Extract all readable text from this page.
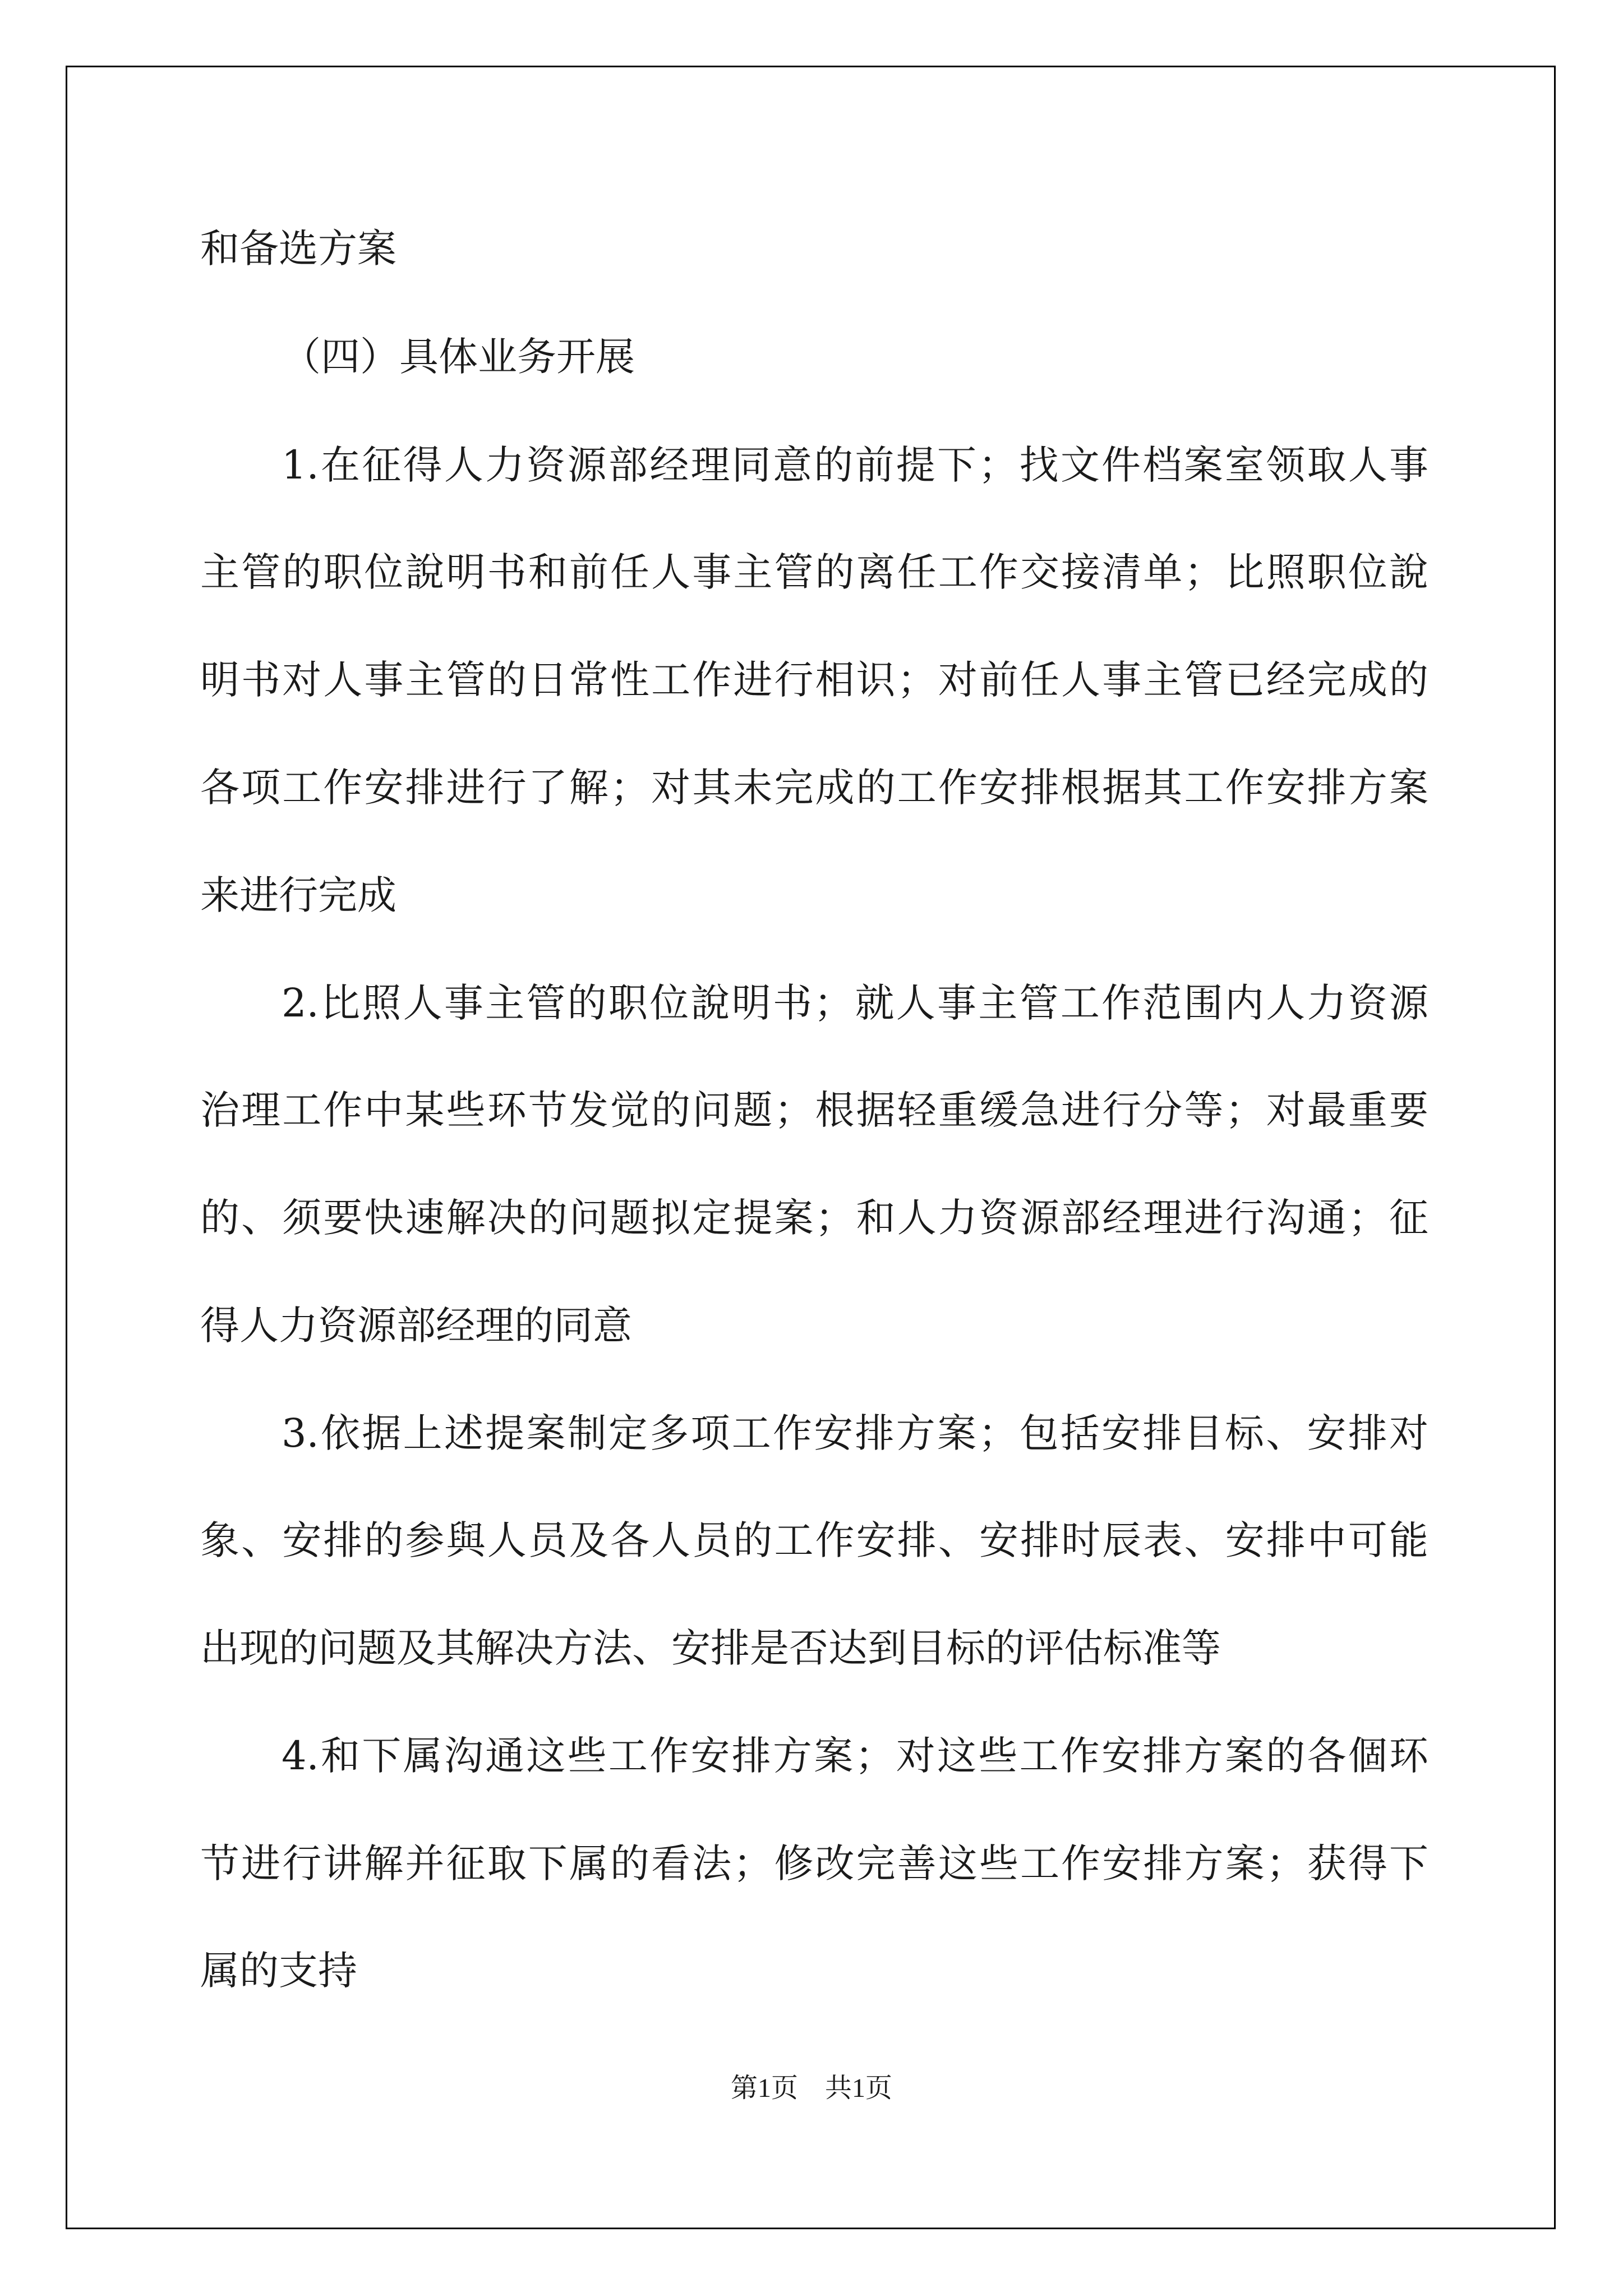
和备选方案

（四）具体业务开展

1.在征得人力资源部经理同意的前提下；找文件档案室领取人事

主管的职位說明书和前任人事主管的离任工作交接清单；比照职位說

明书对人事主管的日常性工作进行相识；对前任人事主管已经完成的

各项工作安排进行了解；对其未完成的工作安排根据其工作安排方案

来进行完成

2.比照人事主管的职位說明书；就人事主管工作范围内人力资源

治理工作中某些环节发觉的问题；根据轻重缓急进行分等；对最重要

的、须要快速解决的问题拟定提案；和人力资源部经理进行沟通；征

得人力资源部经理的同意

3.依据上述提案制定多项工作安排方案；包括安排目标、安排对

象、安排的参與人员及各人员的工作安排、安排时辰表、安排中可能

出现的问题及其解决方法、安排是否达到目标的评估标准等

4.和下属沟通这些工作安排方案；对这些工作安排方案的各個环

节进行讲解并征取下属的看法；修改完善这些工作安排方案；获得下

属的支持

第1页　共1页
